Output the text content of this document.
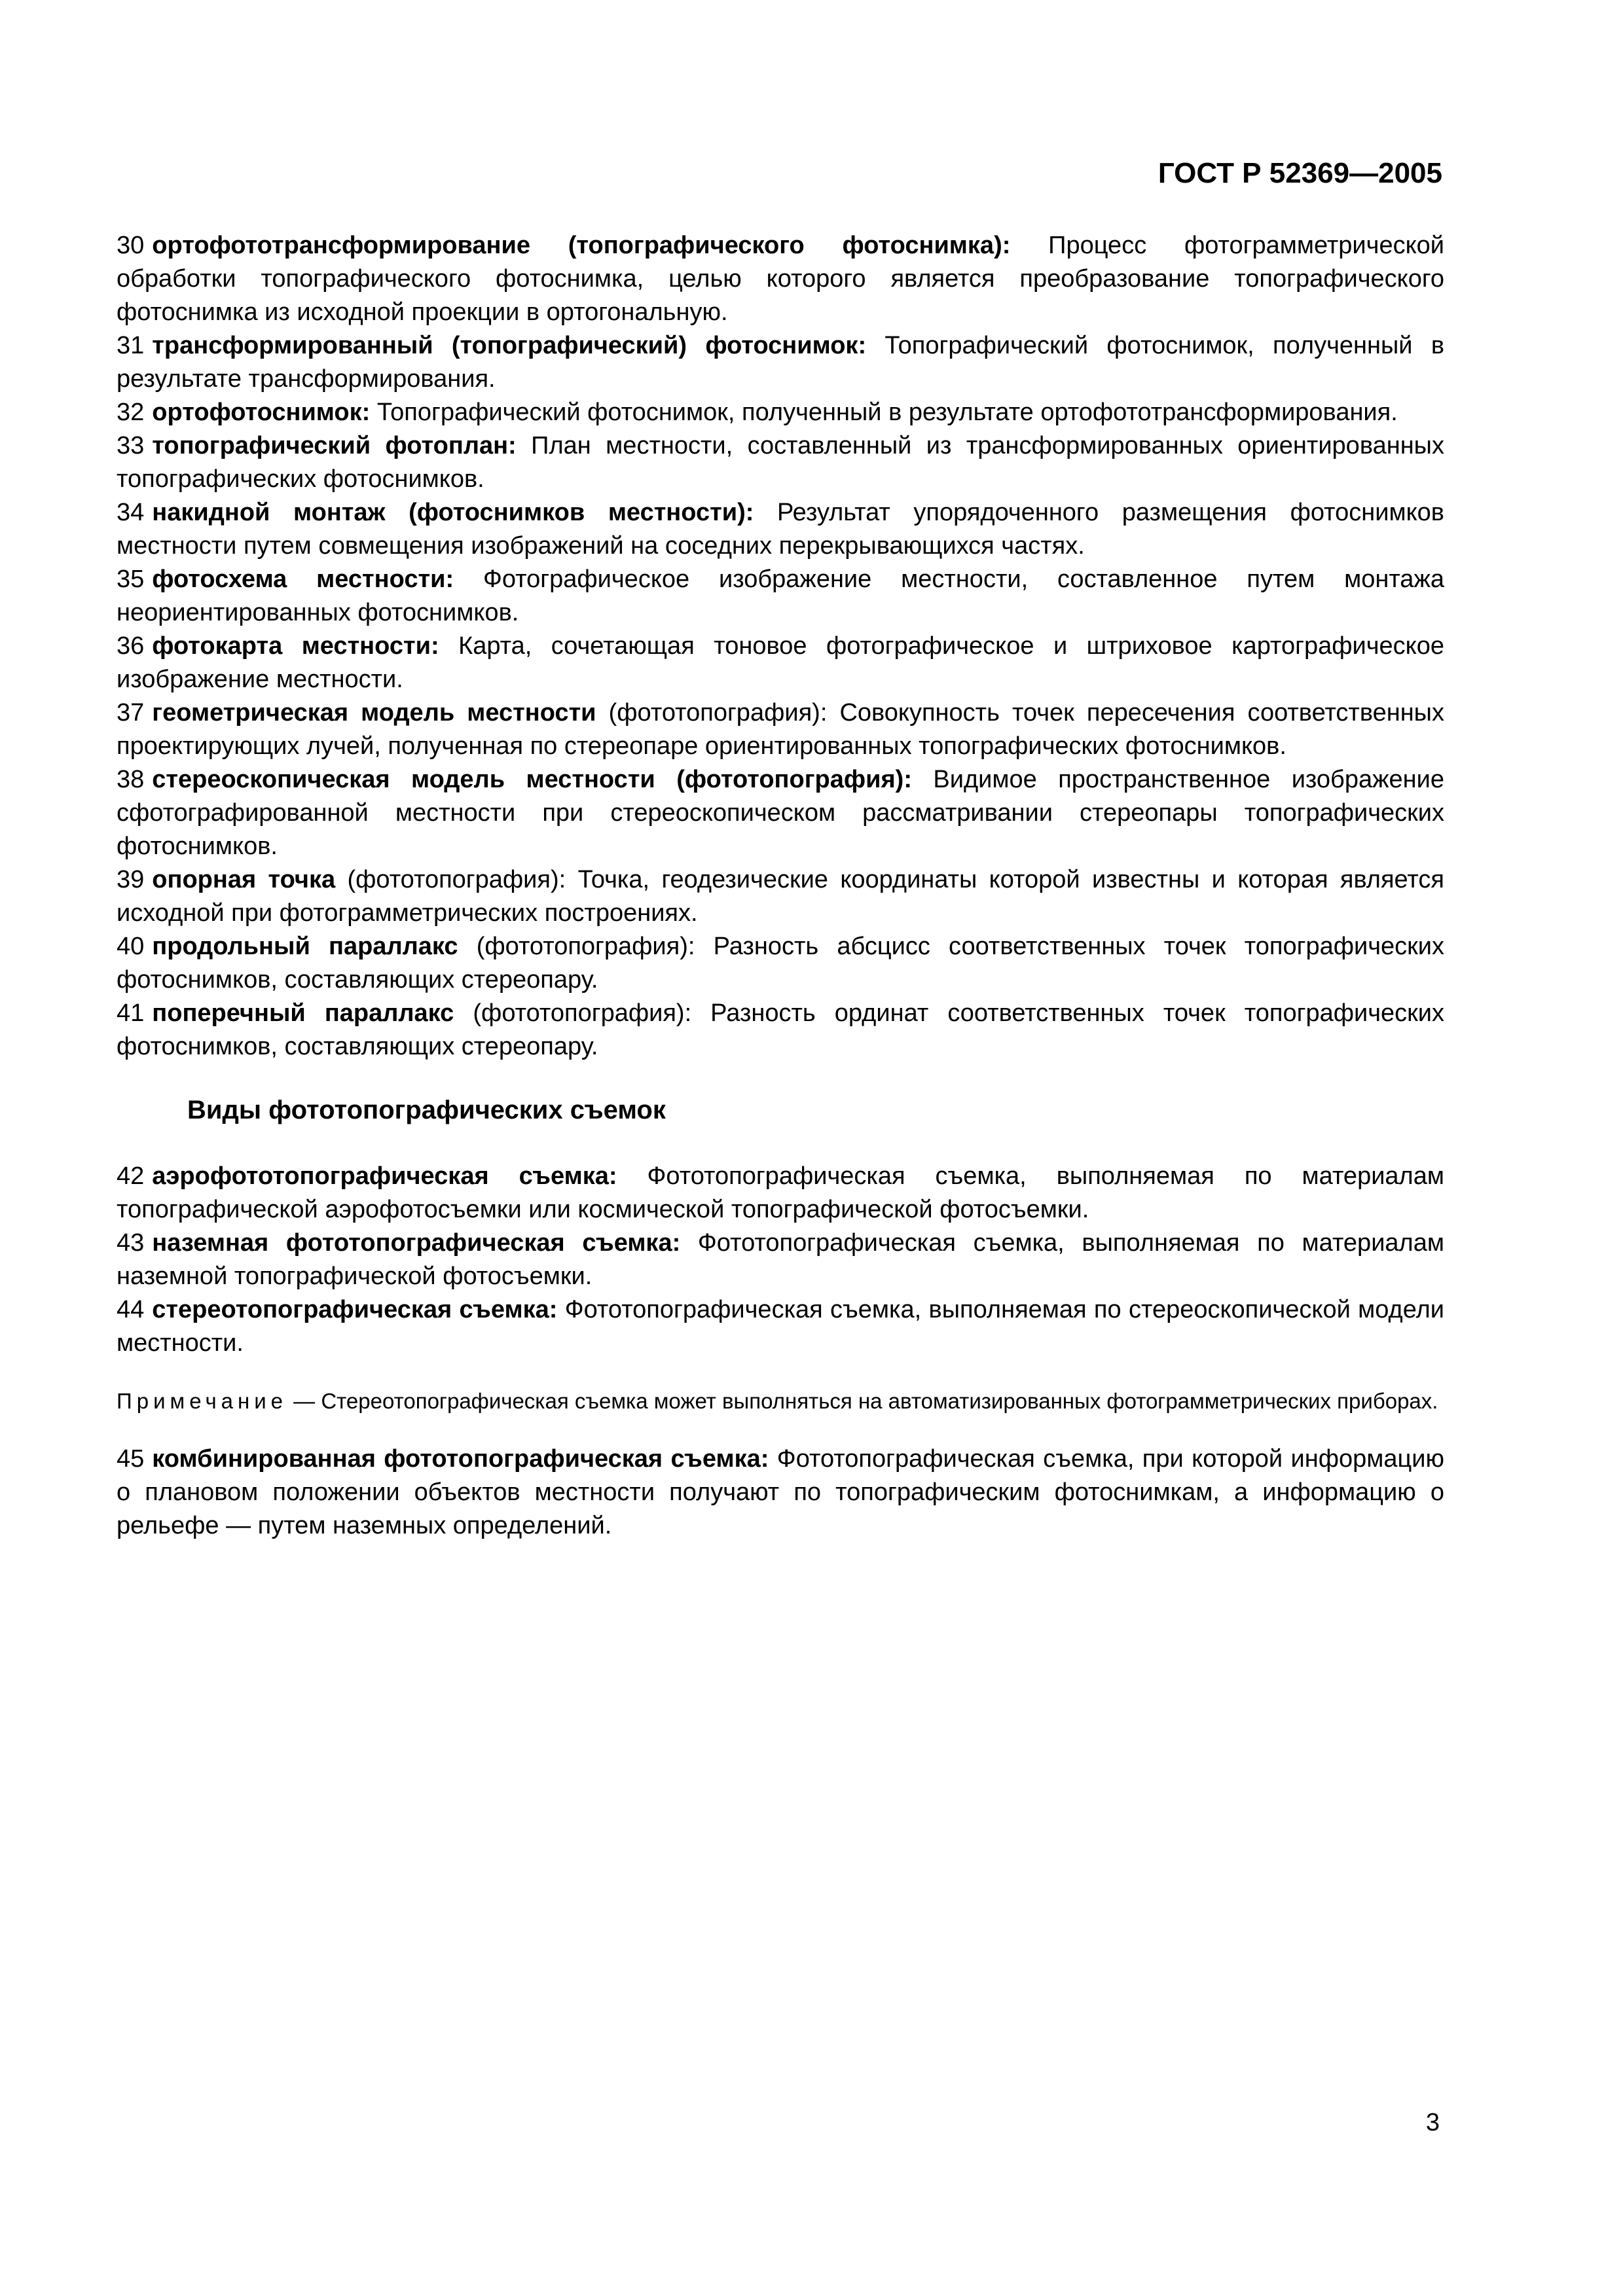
ГОСТ Р 52369—2005

30 ортофототрансформирование (топографического фотоснимка): Процесс фотограмметрической обработки топографического фотоснимка, целью которого является преобразование топографического фотоснимка из исходной проекции в ортогональную.

31 трансформированный (топографический) фотоснимок: Топографический фотоснимок, полученный в результате трансформирования.

32 ортофотоснимок: Топографический фотоснимок, полученный в результате ортофототрансформирования.

33 топографический фотоплан: План местности, составленный из трансформированных ориентированных топографических фотоснимков.

34 накидной монтаж (фотоснимков местности): Результат упорядоченного размещения фотоснимков местности путем совмещения изображений на соседних перекрывающихся частях.

35 фотосхема местности: Фотографическое изображение местности, составленное путем монтажа неориентированных фотоснимков.

36 фотокарта местности: Карта, сочетающая тоновое фотографическое и штриховое картографическое изображение местности.

37 геометрическая модель местности (фототопография): Совокупность точек пересечения соответственных проектирующих лучей, полученная по стереопаре ориентированных топографических фотоснимков.

38 стереоскопическая модель местности (фототопография): Видимое пространственное изображение сфотографированной местности при стереоскопическом рассматривании стереопары топографических фотоснимков.

39 опорная точка (фототопография): Точка, геодезические координаты которой известны и которая является исходной при фотограмметрических построениях.

40 продольный параллакс (фототопография): Разность абсцисс соответственных точек топографических фотоснимков, составляющих стереопару.

41 поперечный параллакс (фототопография): Разность ординат соответственных точек топографических фотоснимков, составляющих стереопару.

Виды фототопографических съемок

42 аэрофототопографическая съемка: Фототопографическая съемка, выполняемая по материалам топографической аэрофотосъемки или космической топографической фотосъемки.

43 наземная фототопографическая съемка: Фототопографическая съемка, выполняемая по материалам наземной топографической фотосъемки.

44 стереотопографическая съемка: Фототопографическая съемка, выполняемая по стереоскопической модели местности.

Примечание — Стереотопографическая съемка может выполняться на автоматизированных фотограмметрических приборах.

45 комбинированная фототопографическая съемка: Фототопографическая съемка, при которой информацию о плановом положении объектов местности получают по топографическим фотоснимкам, а информацию о рельефе — путем наземных определений.

3
